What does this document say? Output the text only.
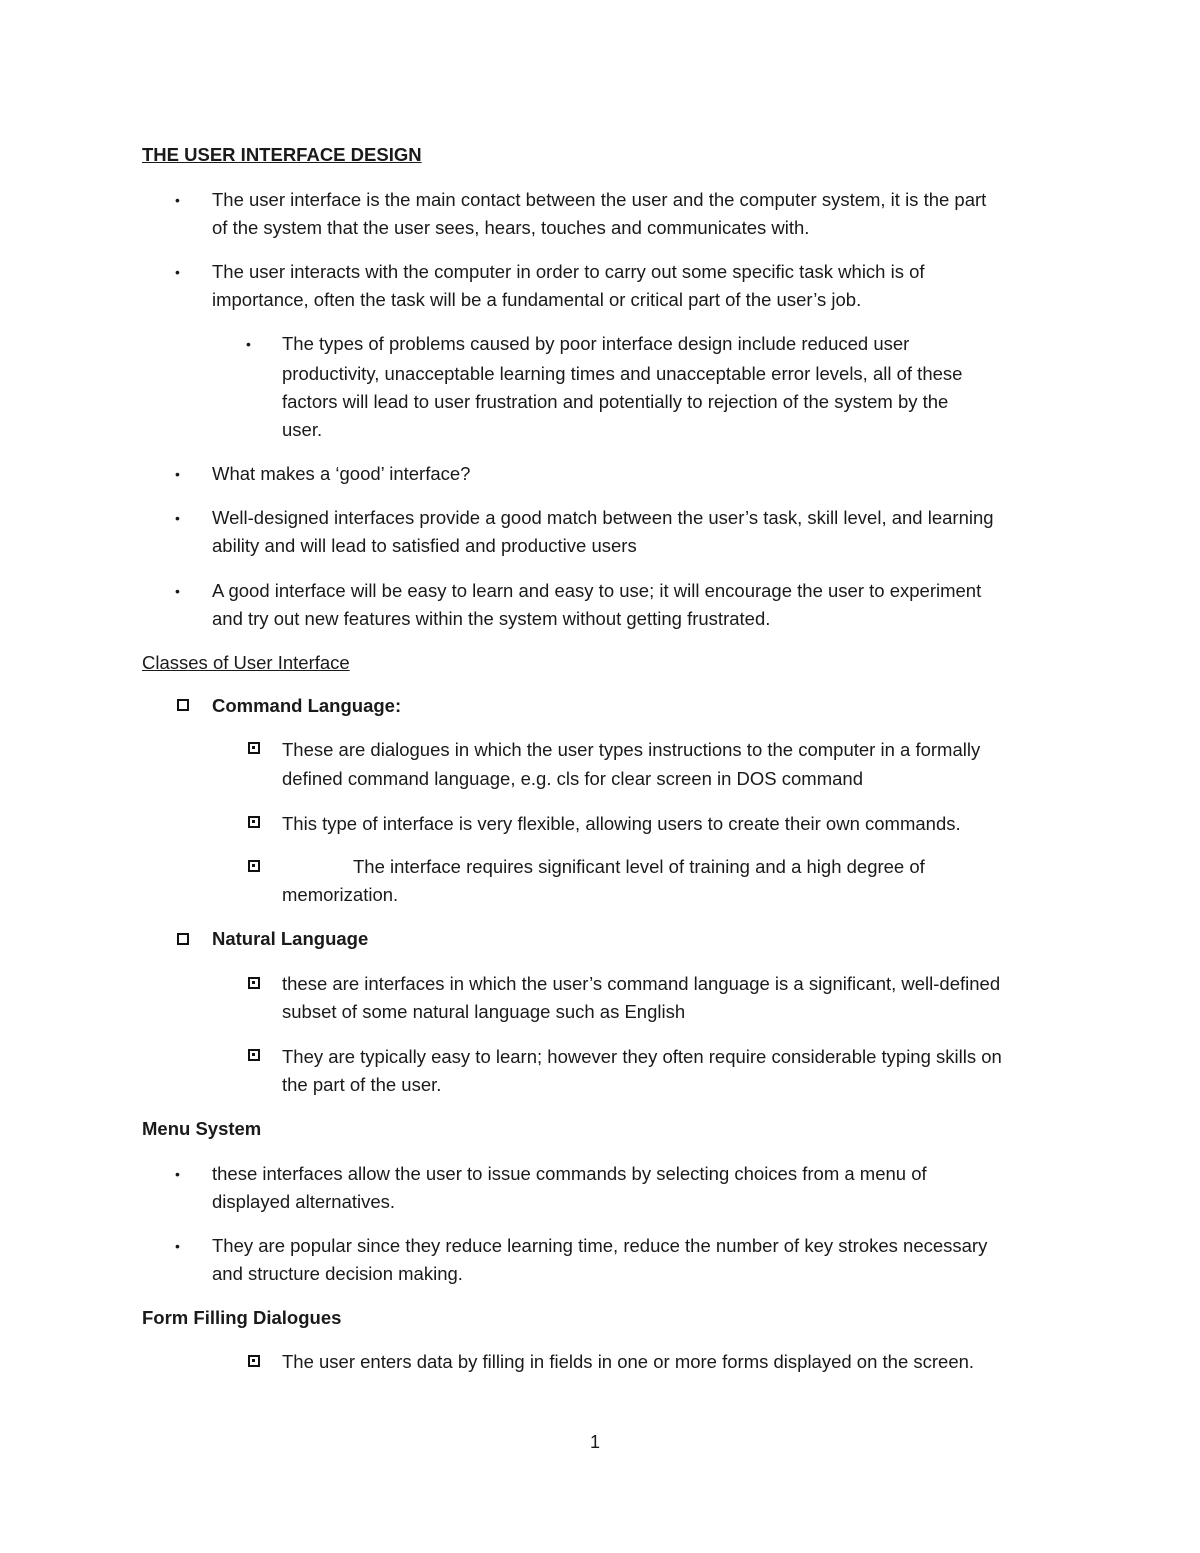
THE USER INTERFACE DESIGN
• The user interface is the main contact between the user and the computer system, it is the part
of the system that the user sees, hears, touches and communicates with.
• The user interacts with the computer in order to carry out some specific task which is of
importance, often the task will be a fundamental or critical part of the user’s job.
• The types of problems caused by poor interface design include reduced user
productivity, unacceptable learning times and unacceptable error levels, all of these
factors will lead to user frustration and potentially to rejection of the system by the
user.
• What makes a ‘good’ interface?
• Well-designed interfaces provide a good match between the user’s task, skill level, and learning
ability and will lead to satisfied and productive users
• A good interface will be easy to learn and easy to use; it will encourage the user to experiment
and try out new features within the system without getting frustrated.
Classes of User Interface
Command Language:
These are dialogues in which the user types instructions to the computer in a formally
defined command language, e.g. cls for clear screen in DOS command
This type of interface is very flexible, allowing users to create their own commands.
The interface requires significant level of training and a high degree of
memorization.
Natural Language
these are interfaces in which the user’s command language is a significant, well-defined
subset of some natural language such as English
They are typically easy to learn; however they often require considerable typing skills on
the part of the user.
Menu System
• these interfaces allow the user to issue commands by selecting choices from a menu of
displayed alternatives.
• They are popular since they reduce learning time, reduce the number of key strokes necessary
and structure decision making.
Form Filling Dialogues
The user enters data by filling in fields in one or more forms displayed on the screen.
1
